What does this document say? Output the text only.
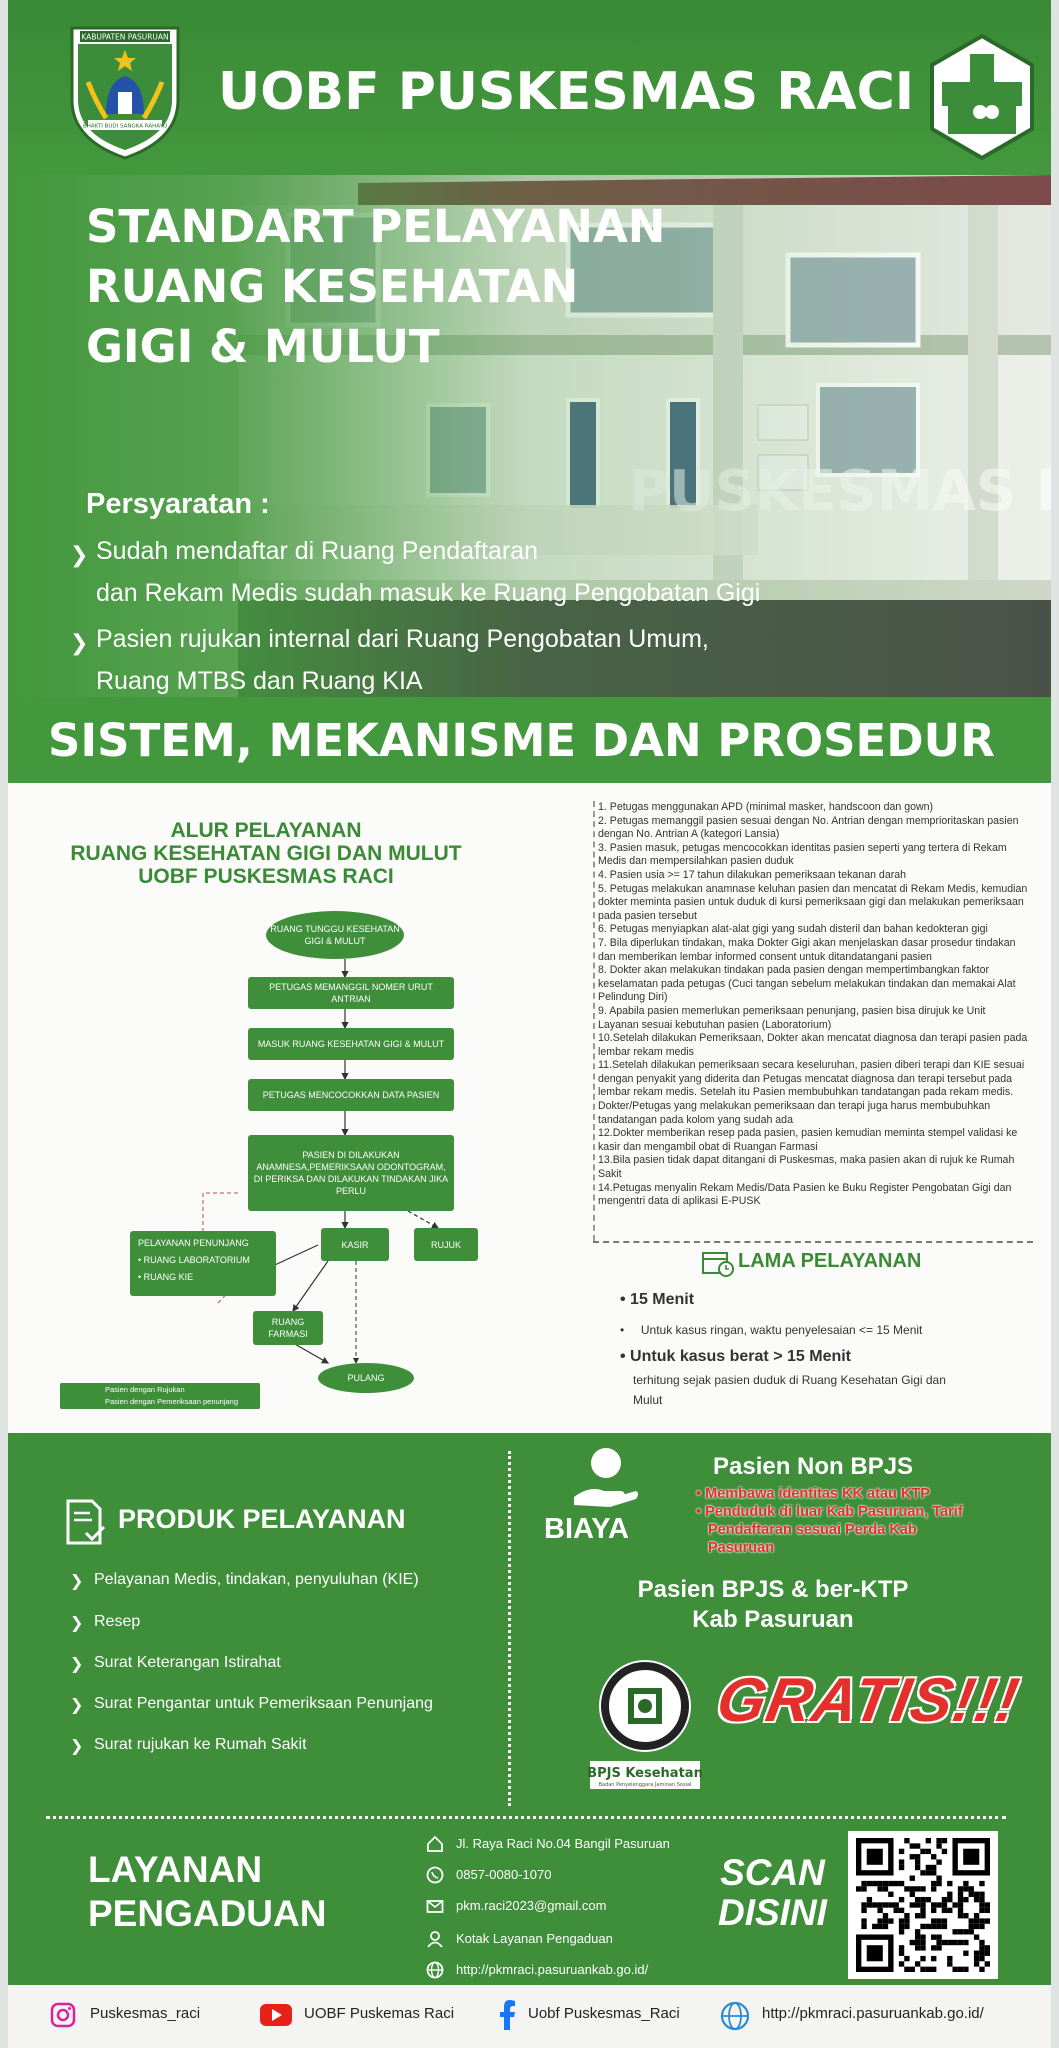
KABUPATEN PASURUAN
BHAKTI BUDI SANGKA RAHAYU
UOBF PUSKESMAS RACI
STANDART PELAYANAN
RUANG KESEHATAN
GIGI & MULUT
Persyaratan :
❯ Sudah mendaftar di Ruang Pendaftaran
dan Rekam Medis sudah masuk ke Ruang Pengobatan Gigi
❯ Pasien rujukan internal dari Ruang Pengobatan Umum,
Ruang MTBS dan Ruang KIA
SISTEM, MEKANISME DAN PROSEDUR
ALUR PELAYANAN
RUANG KESEHATAN GIGI DAN MULUT
UOBF PUSKESMAS RACI
RUANG TUNGGU KESEHATAN GIGI & MULUT
PETUGAS MEMANGGIL NOMER URUT ANTRIAN
MASUK RUANG KESEHATAN GIGI & MULUT
PETUGAS MENCOCOKKAN DATA PASIEN
PASIEN DI DILAKUKAN ANAMNESA,PEMERIKSAAN ODONTOGRAM, DI PERIKSA DAN DILAKUKAN TINDAKAN JIKA PERLU
KASIR	RUJUK
PELAYANAN PENUNJANG
• RUANG LABORATORIUM
• RUANG KIE
RUANG FARMASI
PULANG
Pasien dengan Rujukan
Pasien dengan Pemeriksaan penunjang
1. Petugas menggunakan APD (minimal masker, handscoon dan gown)
2. Petugas memanggil pasien sesuai dengan No. Antrian dengan memprioritaskan pasien dengan No. Antrian A (kategori Lansia)
3. Pasien masuk, petugas mencocokkan identitas pasien seperti yang tertera di Rekam Medis dan mempersilahkan pasien duduk
4. Pasien usia >= 17 tahun dilakukan pemeriksaan tekanan darah
5. Petugas melakukan anamnase keluhan pasien dan mencatat di Rekam Medis, kemudian dokter meminta pasien untuk duduk di kursi pemeriksaan gigi dan melakukan pemeriksaan pada pasien tersebut
6. Petugas menyiapkan alat-alat gigi yang sudah disteril dan bahan kedokteran gigi
7. Bila diperlukan tindakan, maka Dokter Gigi akan menjelaskan dasar prosedur tindakan dan memberikan lembar informed consent untuk ditandatangani pasien
8. Dokter akan melakukan tindakan pada pasien dengan mempertimbangkan faktor keselamatan pada petugas (Cuci tangan sebelum melakukan tindakan dan memakai Alat Pelindung Diri)
9. Apabila pasien memerlukan pemeriksaan penunjang, pasien bisa dirujuk ke Unit Layanan sesuai kebutuhan pasien (Laboratorium)
10.Setelah dilakukan Pemeriksaan, Dokter akan mencatat diagnosa dan terapi pasien pada lembar rekam medis
11.Setelah dilakukan pemeriksaan secara keseluruhan, pasien diberi terapi dan KIE sesuai dengan penyakit yang diderita dan Petugas mencatat diagnosa dan terapi tersebut pada lembar rekam medis. Setelah itu Pasien membubuhkan tandatangan pada rekam medis. Dokter/Petugas yang melakukan pemeriksaan dan terapi juga harus membubuhkan tandatangan pada kolom yang sudah ada
12.Dokter memberikan resep pada pasien, pasien kemudian meminta stempel validasi ke kasir dan mengambil obat di Ruangan Farmasi
13.Bila pasien tidak dapat ditangani di Puskesmas, maka pasien akan di rujuk ke Rumah Sakit
14.Petugas menyalin Rekam Medis/Data Pasien ke Buku Register Pengobatan Gigi dan mengentri data di aplikasi E-PUSK
LAMA PELAYANAN
• 15 Menit
•     Untuk kasus ringan, waktu penyelesaian <= 15 Menit
• Untuk kasus berat > 15 Menit
terhitung sejak pasien duduk di Ruang Kesehatan Gigi dan
Mulut
PRODUK PELAYANAN
❯ Pelayanan Medis, tindakan, penyuluhan (KIE)
❯ Resep
❯ Surat Keterangan Istirahat
❯ Surat Pengantar untuk Pemeriksaan Penunjang
❯ Surat rujukan ke Rumah Sakit
BIAYA
Pasien Non BPJS
• Membawa identitas KK atau KTP
• Penduduk di luar Kab Pasuruan, Tarif
Pendaftaran sesuai Perda Kab
Pasuruan
Pasien BPJS & ber-KTP
Kab Pasuruan
BPJS Kesehatan
Badan Penyelenggara Jaminan Sosial
GRATIS!!!
LAYANAN
PENGADUAN
Jl. Raya Raci No.04 Bangil Pasuruan
0857-0080-1070
pkm.raci2023@gmail.com
Kotak Layanan Pengaduan
http://pkmraci.pasuruankab.go.id/
SCAN
DISINI
Puskesmas_raci	UOBF Puskemas Raci	Uobf Puskesmas_Raci	http://pkmraci.pasuruankab.go.id/
